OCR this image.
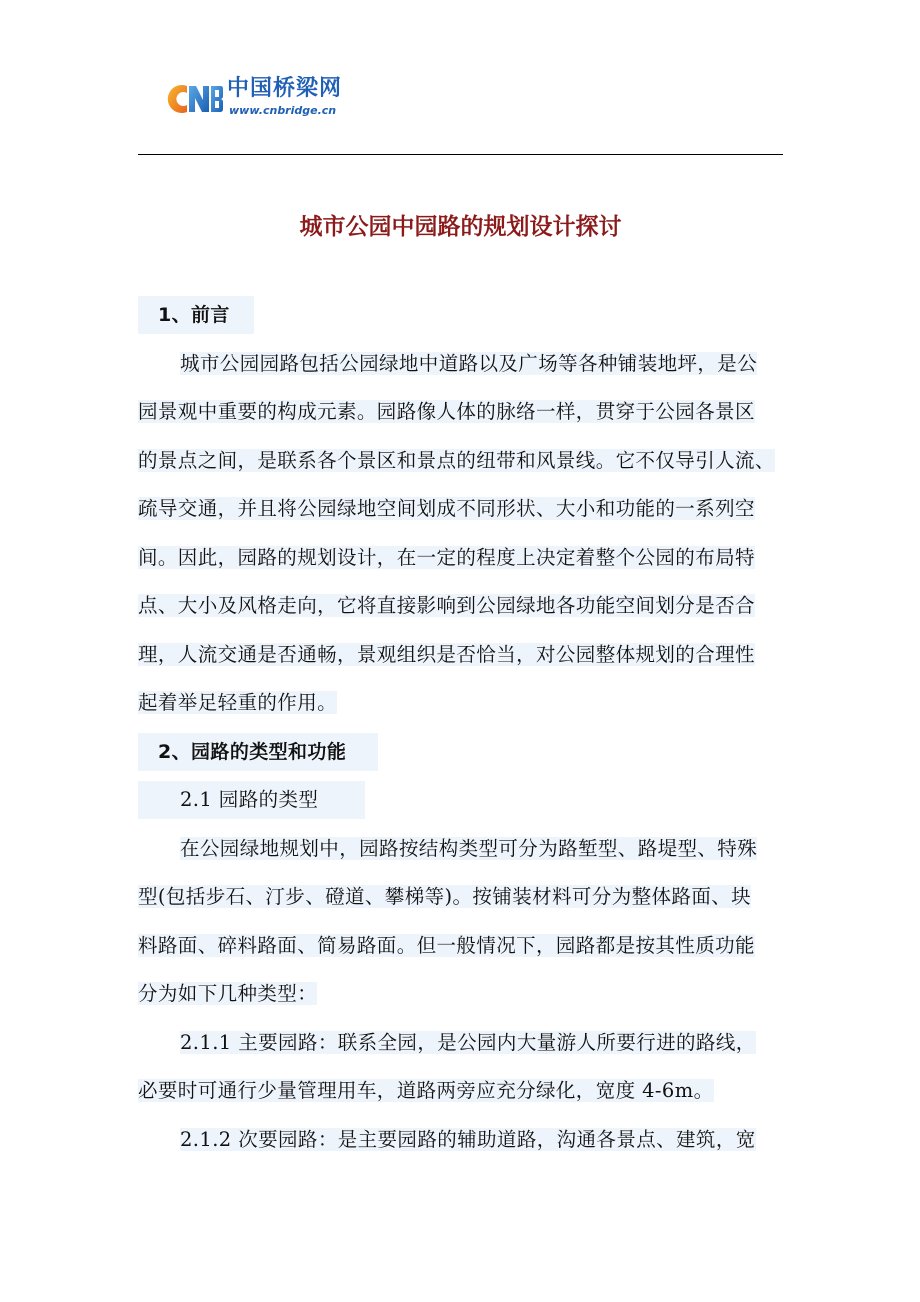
中国桥梁网
www.cnbridge.cn
城市公园中园路的规划设计探讨
1、前言
城市公园园路包括公园绿地中道路以及广场等各种铺装地坪，是公
园景观中重要的构成元素。园路像人体的脉络一样，贯穿于公园各景区
的景点之间，是联系各个景区和景点的纽带和风景线。它不仅导引人流、
疏导交通，并且将公园绿地空间划成不同形状、大小和功能的一系列空
间。因此，园路的规划设计，在一定的程度上决定着整个公园的布局特
点、大小及风格走向，它将直接影响到公园绿地各功能空间划分是否合
理，人流交通是否通畅，景观组织是否恰当，对公园整体规划的合理性
起着举足轻重的作用。
2、园路的类型和功能
2.1 园路的类型
在公园绿地规划中，园路按结构类型可分为路堑型、路堤型、特殊
型(包括步石、汀步、磴道、攀梯等)。按铺装材料可分为整体路面、块
料路面、碎料路面、简易路面。但一般情况下，园路都是按其性质功能
分为如下几种类型：
2.1.1 主要园路：联系全园，是公园内大量游人所要行进的路线，
必要时可通行少量管理用车，道路两旁应充分绿化，宽度 4-6m。
2.1.2 次要园路：是主要园路的辅助道路，沟通各景点、建筑，宽
